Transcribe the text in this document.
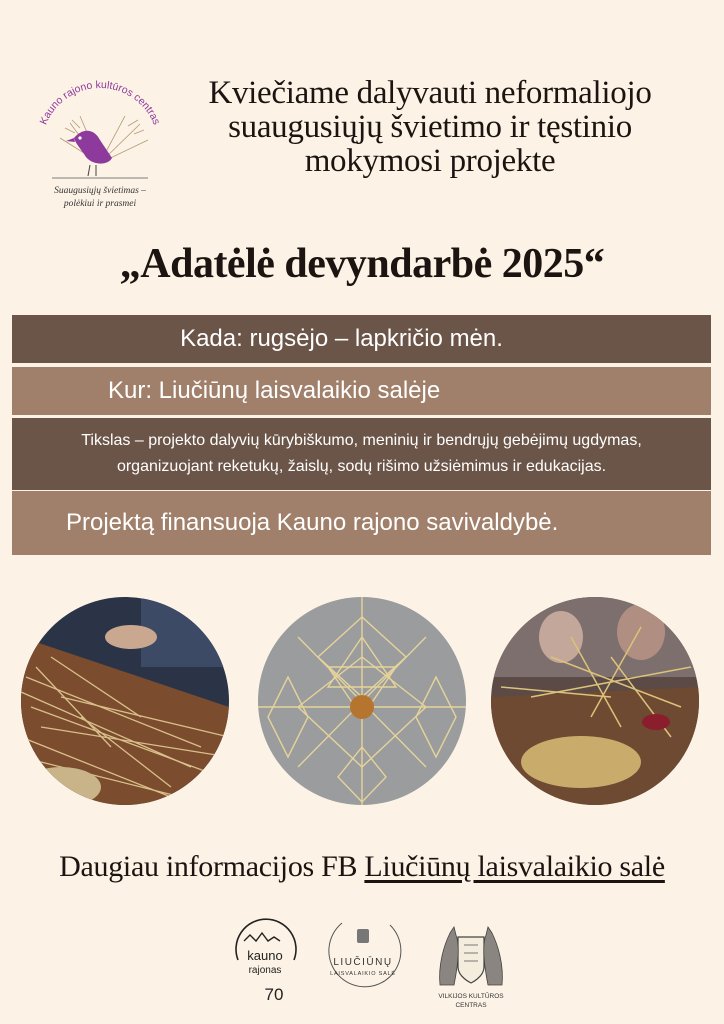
Kauno rajono kultūros centras
Suaugusiųjų švietimas –
polėkiui ir prasmei
Kviečiame dalyvauti neformaliojo
suaugusiųjų švietimo ir tęstinio
mokymosi projekte
„Adatėlė devyndarbė 2025“
Kada: rugsėjo – lapkričio mėn.
Kur: Liučiūnų laisvalaikio salėje
Tikslas – projekto dalyvių kūrybiškumo, meninių ir bendrųjų gebėjimų ugdymas,
organizuojant reketukų, žaislų, sodų rišimo užsiėmimus ir edukacijas.
Projektą finansuoja Kauno rajono savivaldybė.
Daugiau informacijos FB Liučiūnų laisvalaikio salė
kauno
rajonas
70
LIUČIŪNŲ
LAISVALAIKIO SALĖ
VILKIJOS KULTŪROS
CENTRAS
